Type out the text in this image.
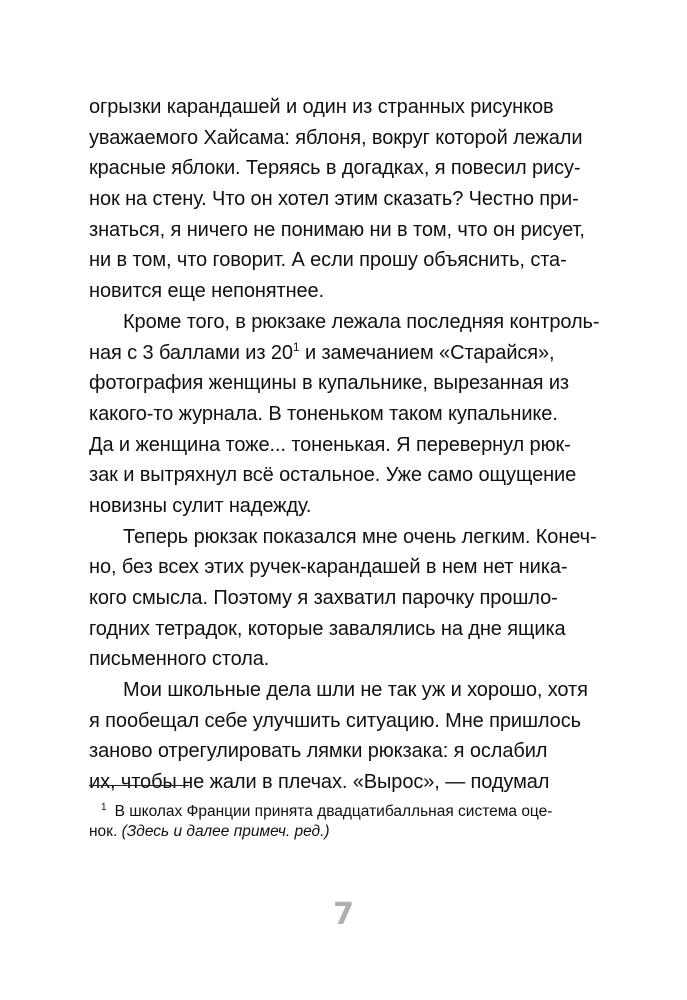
огрызки карандашей и один из странных рисунков
уважаемого Хайсама: яблоня, вокруг которой лежали
красные яблоки. Теряясь в догадках, я повесил рису-
нок на стену. Что он хотел этим сказать? Честно при-
знаться, я ничего не понимаю ни в том, что он рисует,
ни в том, что говорит. А если прошу объяснить, ста-
новится еще непонятнее.
Кроме того, в рюкзаке лежала последняя контроль-
ная с 3 баллами из 20$^1$ и замечанием «Старайся»,
фотография женщины в купальнике, вырезанная из
какого-то журнала. В тоненьком таком купальнике.
Да и женщина тоже... тоненькая. Я перевернул рюк-
зак и вытряхнул всё остальное. Уже само ощущение
новизны сулит надежду.
Теперь рюкзак показался мне очень легким. Конеч-
но, без всех этих ручек-карандашей в нем нет ника-
кого смысла. Поэтому я захватил парочку прошло-
годних тетрадок, которые завалялись на дне ящика
письменного стола.
Мои школьные дела шли не так уж и хорошо, хотя
я пообещал себе улучшить ситуацию. Мне пришлось
заново отрегулировать лямки рюкзака: я ослабил
их, чтобы не жали в плечах. «Вырос», — подумал
$^1$ В школах Франции принята двадцатибалльная система оце-
нок. (Здесь и далее примеч. ред.)
7
